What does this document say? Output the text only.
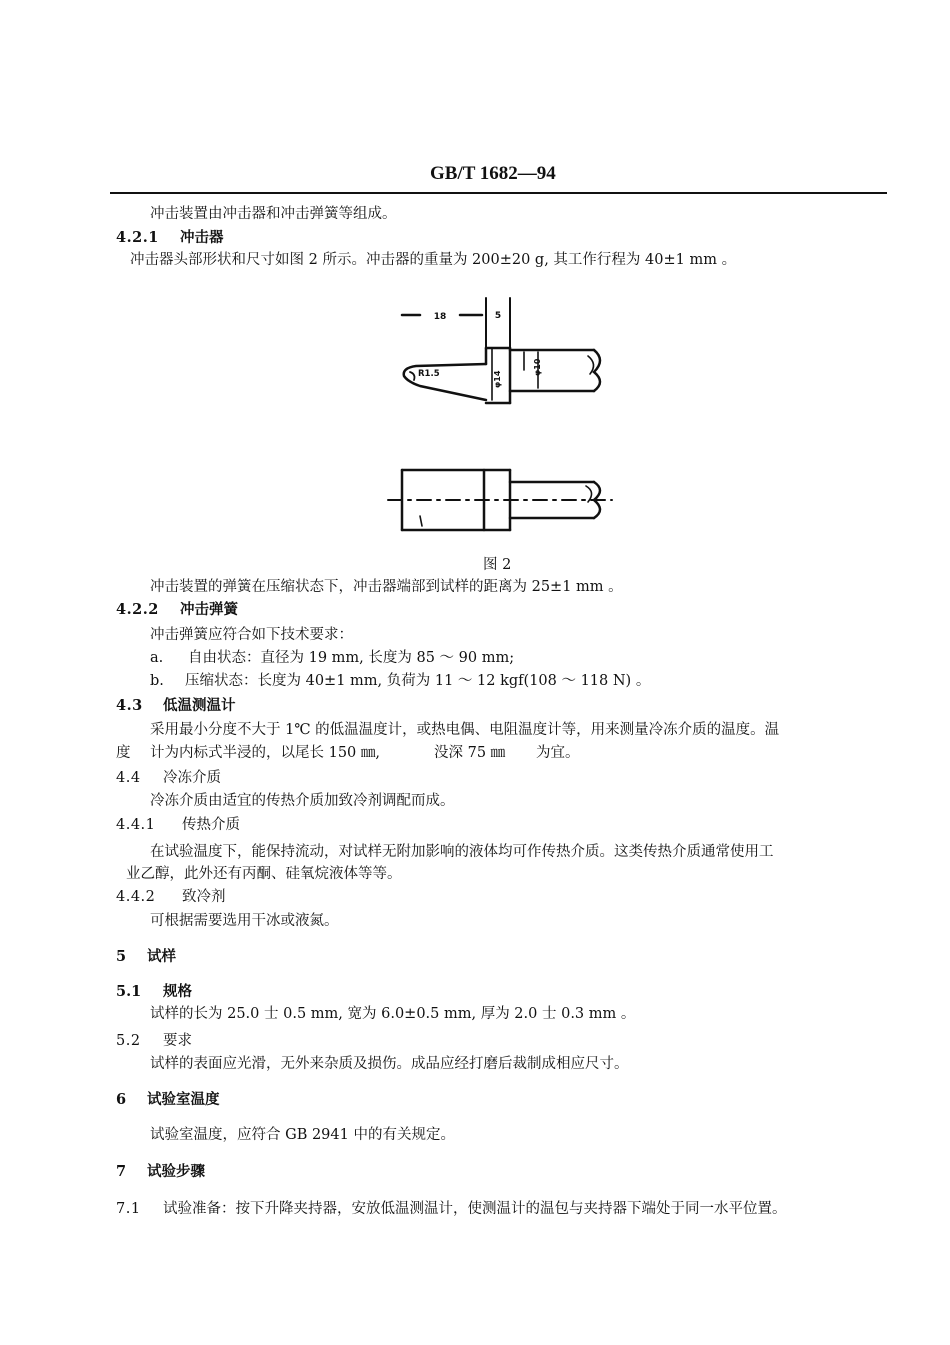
GB/T 1682—94
冲击装置由冲击器和冲击弹簧等组成。
4.2.1 冲击器
冲击器头部形状和尺寸如图 2 所示。冲击器的重量为 200±20 g, 其工作行程为 40±1 mm 。
18	5
R1.5	φ14
φ10
图 2
冲击装置的弹簧在压缩状态下，冲击器端部到试样的距离为 25±1 mm 。
4.2.2 冲击弹簧
冲击弹簧应符合如下技术要求：
a. 自由状态：直径为 19 mm, 长度为 85 ～ 90 mm;
b. 压缩状态：长度为 40±1 mm, 负荷为 11 ～ 12 kgf(108 ～ 118 N) 。
4.3 低温测温计
采用最小分度不大于 1℃ 的低温温度计，或热电偶、电阻温度计等，用来测量冷冻介质的温度。温
度 计为内标式半浸的，以尾长 150 ㎜,	没深 75 ㎜ 为宜。
4.4 冷冻介质
冷冻介质由适宜的传热介质加致冷剂调配而成。
4.4.1 传热介质
在试验温度下，能保持流动，对试样无附加影响的液体均可作传热介质。这类传热介质通常使用工
业乙醇，此外还有丙酮、硅氧烷液体等等。
4.4.2 致冷剂
可根据需要选用干冰或液氮。
5 试样
5.1 规格
试样的长为 25.0 士 0.5 mm, 宽为 6.0±0.5 mm, 厚为 2.0 士 0.3 mm 。
5.2 要求
试样的表面应光滑，无外来杂质及损伤。成品应经打磨后裁制成相应尺寸。
6 试验室温度
试验室温度，应符合 GB 2941 中的有关规定。
7 试验步骤
7.1 试验准备：按下升降夹持器，安放低温测温计，使测温计的温包与夹持器下端处于同一水平位置。
